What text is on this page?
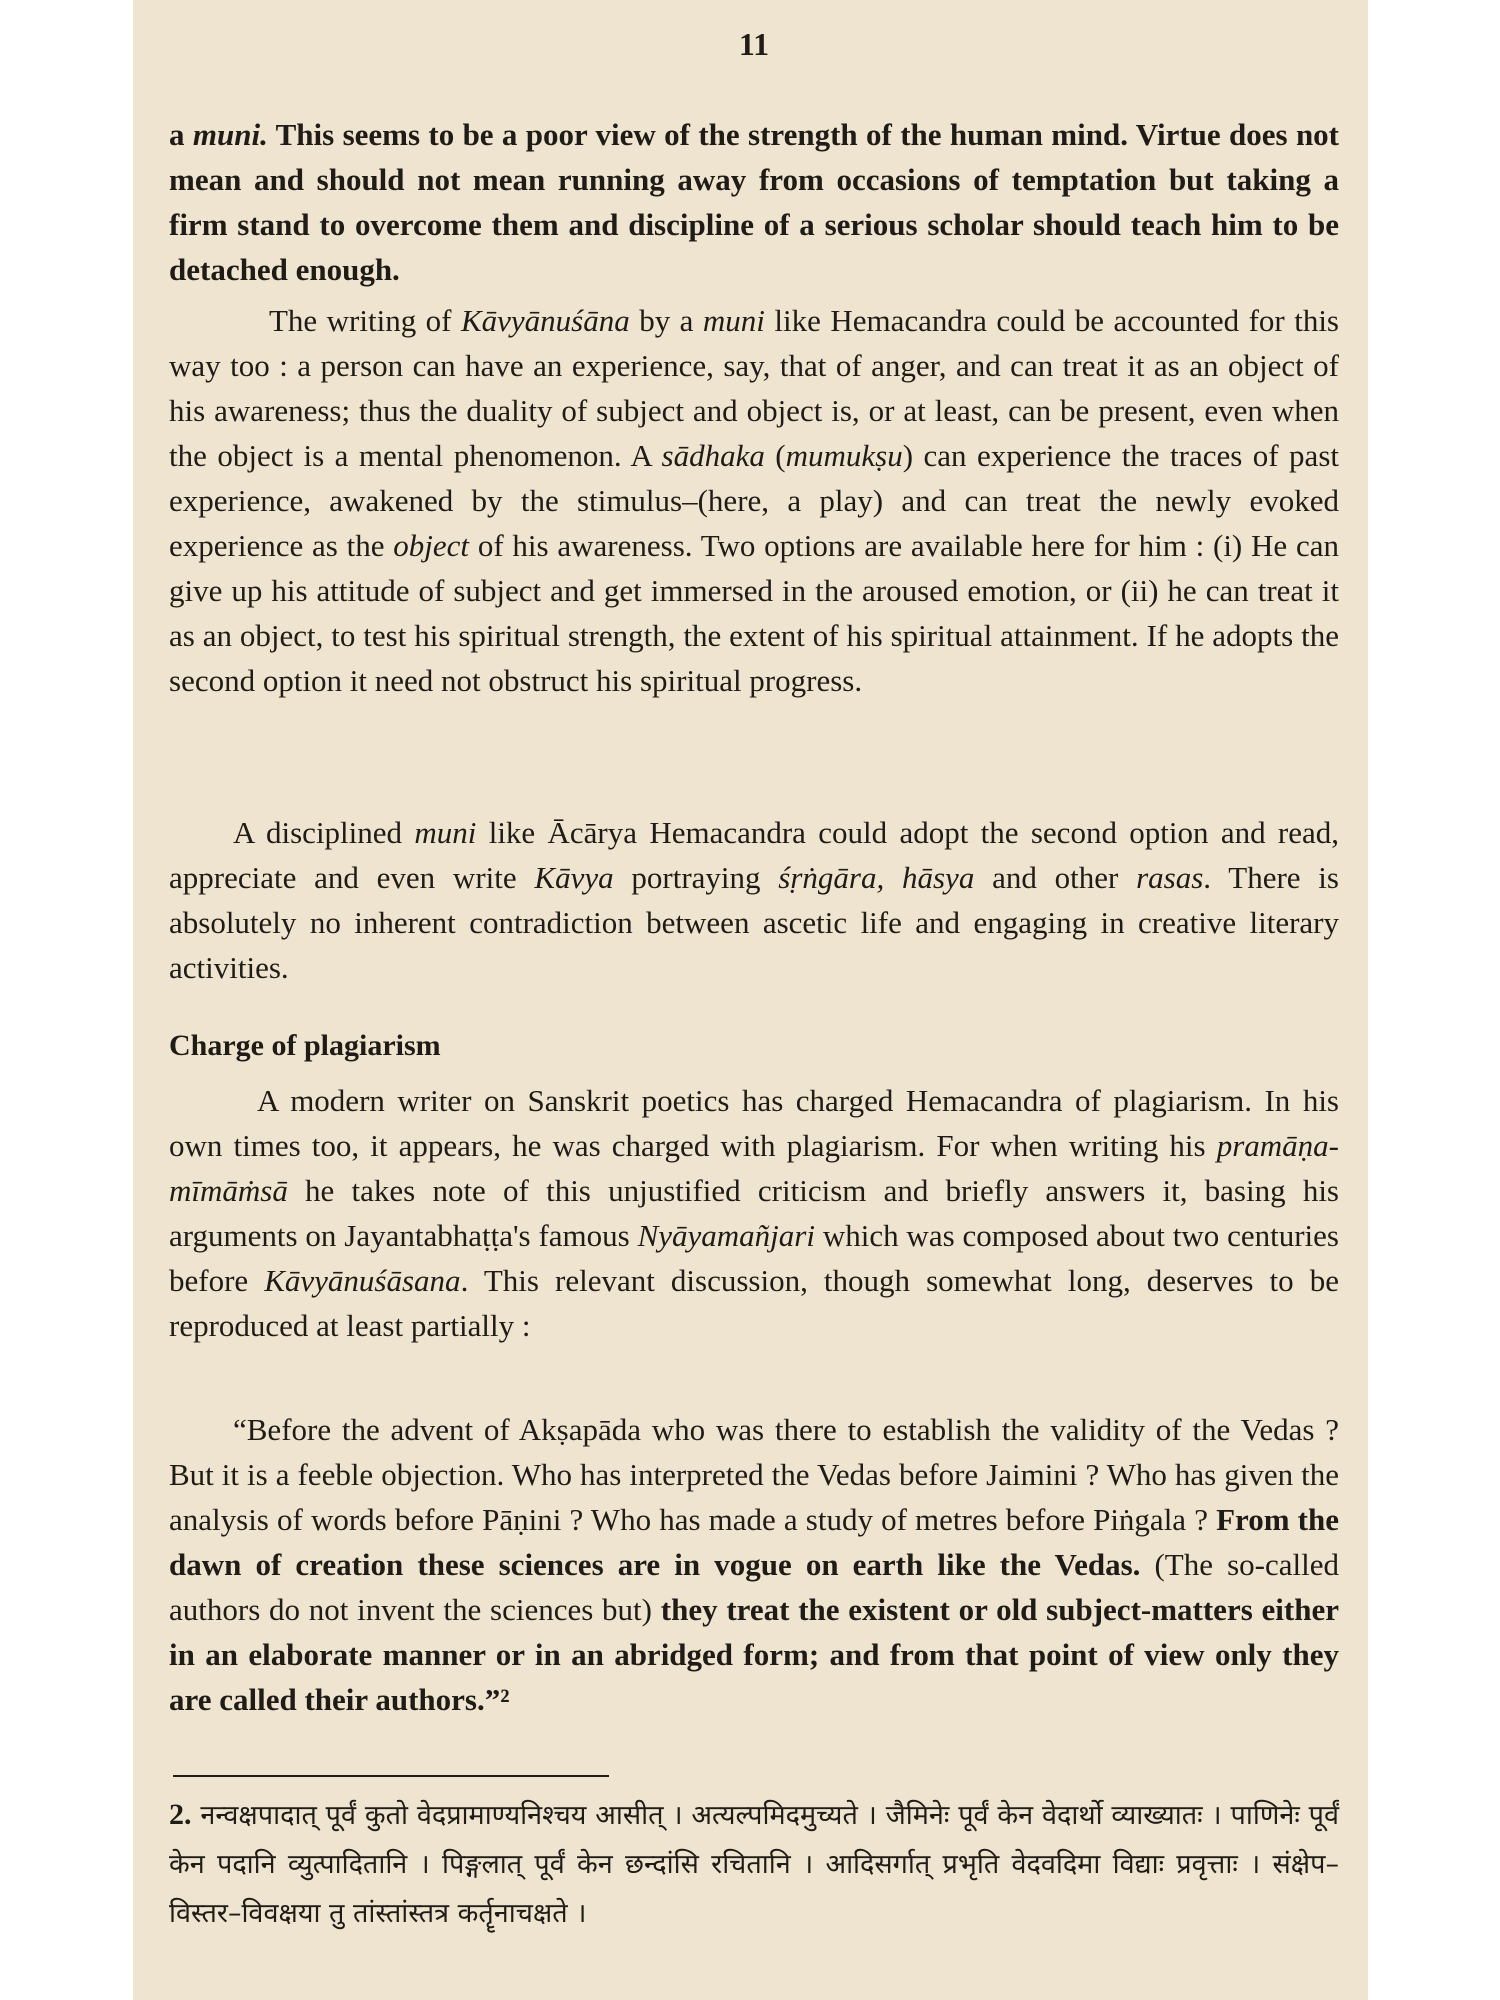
11

a muni. This seems to be a poor view of the strength of the human mind. Virtue does not mean and should not mean running away from occasions of temptation but taking a firm stand to overcome them and discipline of a serious scholar should teach him to be detached enough.

The writing of Kāvyānuśāna by a muni like Hemacandra could be accounted for this way too : a person can have an experience, say, that of anger, and can treat it as an object of his awareness; thus the duality of subject and object is, or at least, can be present, even when the object is a mental phenomenon. A sādhaka (mumukṣu) can experience the traces of past experience, awakened by the stimulus–(here, a play) and can treat the newly evoked experience as the object of his awareness. Two options are available here for him : (i) He can give up his attitude of subject and get immersed in the aroused emotion, or (ii) he can treat it as an object, to test his spiritual strength, the extent of his spiritual attainment. If he adopts the second option it need not obstruct his spiritual progress.

A disciplined muni like Ācārya Hemacandra could adopt the second option and read, appreciate and even write Kāvya portraying śṛṅgāra, hāsya and other rasas. There is absolutely no inherent contradiction between ascetic life and engaging in creative literary activities.

Charge of plagiarism

A modern writer on Sanskrit poetics has charged Hemacandra of plagiarism. In his own times too, it appears, he was charged with plagiarism. For when writing his pramāṇa-mīmāṁsā he takes note of this unjustified criticism and briefly answers it, basing his arguments on Jayantabhaṭṭa's famous Nyāyamañjari which was composed about two centuries before Kāvyānuśāsana. This relevant discussion, though somewhat long, deserves to be reproduced at least partially :

“Before the advent of Akṣapāda who was there to establish the validity of the Vedas ? But it is a feeble objection. Who has interpreted the Vedas before Jaimini ? Who has given the analysis of words before Pāṇini ? Who has made a study of metres before Piṅgala ? From the dawn of creation these sciences are in vogue on earth like the Vedas. (The so-called authors do not invent the sciences but) they treat the existent or old subject-matters either in an elaborate manner or in an abridged form; and from that point of view only they are called their authors.”²

2. नन्वक्षपादात् पूर्वं कुतो वेदप्रामाण्यनिश्चय आसीत् । अत्यल्पमिदमुच्यते । जैमिनेः पूर्वं केन वेदार्थो व्याख्यातः । पाणिनेः पूर्वं केन पदानि व्युत्पादितानि । पिङ्गलात् पूर्वं केन छन्दांसि रचितानि । आदिसर्गात् प्रभृति वेदवदिमा विद्याः प्रवृत्ताः । संक्षेप–विस्तर–विवक्षया तु तांस्तांस्तत्र कर्तॄनाचक्षते ।
